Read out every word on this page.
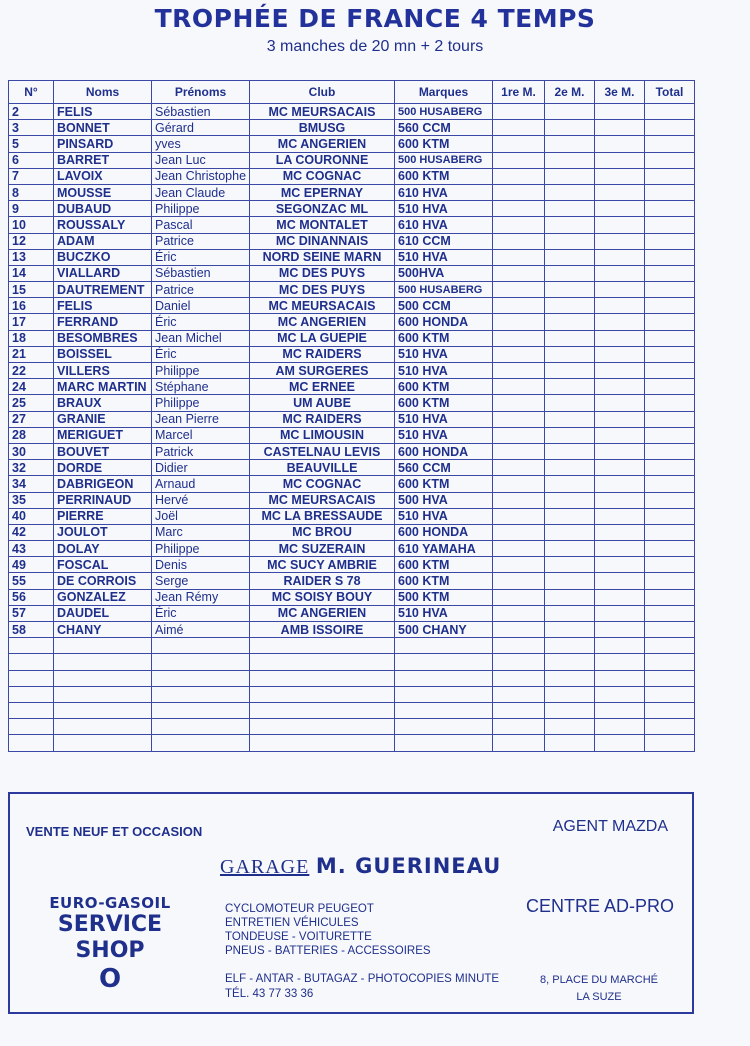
TROPHÉE DE FRANCE 4 TEMPS
3 manches de 20 mn + 2 tours
N°	Noms	Prénoms	Club	Marques	1re M.	2e M.	3e M.	Total
2	FELIS	Sébastien	MC MEURSACAIS	500 HUSABERG				
3	BONNET	Gérard	BMUSG	560 CCM				
5	PINSARD	yves	MC ANGERIEN	600 KTM				
6	BARRET	Jean Luc	LA COURONNE	500 HUSABERG				
7	LAVOIX	Jean Christophe	MC COGNAC	600 KTM				
8	MOUSSE	Jean Claude	MC EPERNAY	610 HVA				
9	DUBAUD	Philippe	SEGONZAC ML	510 HVA				
10	ROUSSALY	Pascal	MC MONTALET	610 HVA				
12	ADAM	Patrice	MC DINANNAIS	610 CCM				
13	BUCZKO	Éric	NORD SEINE MARN	510 HVA				
14	VIALLARD	Sébastien	MC DES PUYS	500HVA				
15	DAUTREMENT	Patrice	MC DES PUYS	500 HUSABERG				
16	FELIS	Daniel	MC MEURSACAIS	500 CCM				
17	FERRAND	Éric	MC ANGERIEN	600 HONDA				
18	BESOMBRES	Jean Michel	MC LA GUEPIE	600 KTM				
21	BOISSEL	Éric	MC RAIDERS	510 HVA				
22	VILLERS	Philippe	AM SURGERES	510 HVA				
24	MARC MARTIN	Stéphane	MC ERNEE	600 KTM				
25	BRAUX	Philippe	UM AUBE	600 KTM				
27	GRANIE	Jean Pierre	MC RAIDERS	510 HVA				
28	MERIGUET	Marcel	MC LIMOUSIN	510 HVA				
30	BOUVET	Patrick	CASTELNAU LEVIS	600 HONDA				
32	DORDE	Didier	BEAUVILLE	560 CCM				
34	DABRIGEON	Arnaud	MC COGNAC	600 KTM				
35	PERRINAUD	Hervé	MC MEURSACAIS	500 HVA				
40	PIERRE	Joël	MC LA BRESSAUDE	510 HVA				
42	JOULOT	Marc	MC BROU	600 HONDA				
43	DOLAY	Philippe	MC SUZERAIN	610 YAMAHA				
49	FOSCAL	Denis	MC SUCY AMBRIE	600 KTM				
55	DE CORROIS	Serge	RAIDER S 78	600 KTM				
56	GONZALEZ	Jean Rémy	MC SOISY BOUY	500 KTM				
57	DAUDEL	Éric	MC ANGERIEN	510 HVA				
58	CHANY	Aimé	AMB ISSOIRE	500 CHANY				

VENTE NEUF ET OCCASION	AGENT MAZDA
GARAGE M. GUERINEAU
CENTRE AD-PRO
EURO-GASOIL
SERVICE
SHOP
O
CYCLOMOTEUR PEUGEOT
ENTRETIEN VÉHICULES
TONDEUSE - VOITURETTE
PNEUS - BATTERIES - ACCESSOIRES
ELF - ANTAR - BUTAGAZ - PHOTOCOPIES MINUTE
TÉL. 43 77 33 36
8, PLACE DU MARCHÉ
LA SUZE
